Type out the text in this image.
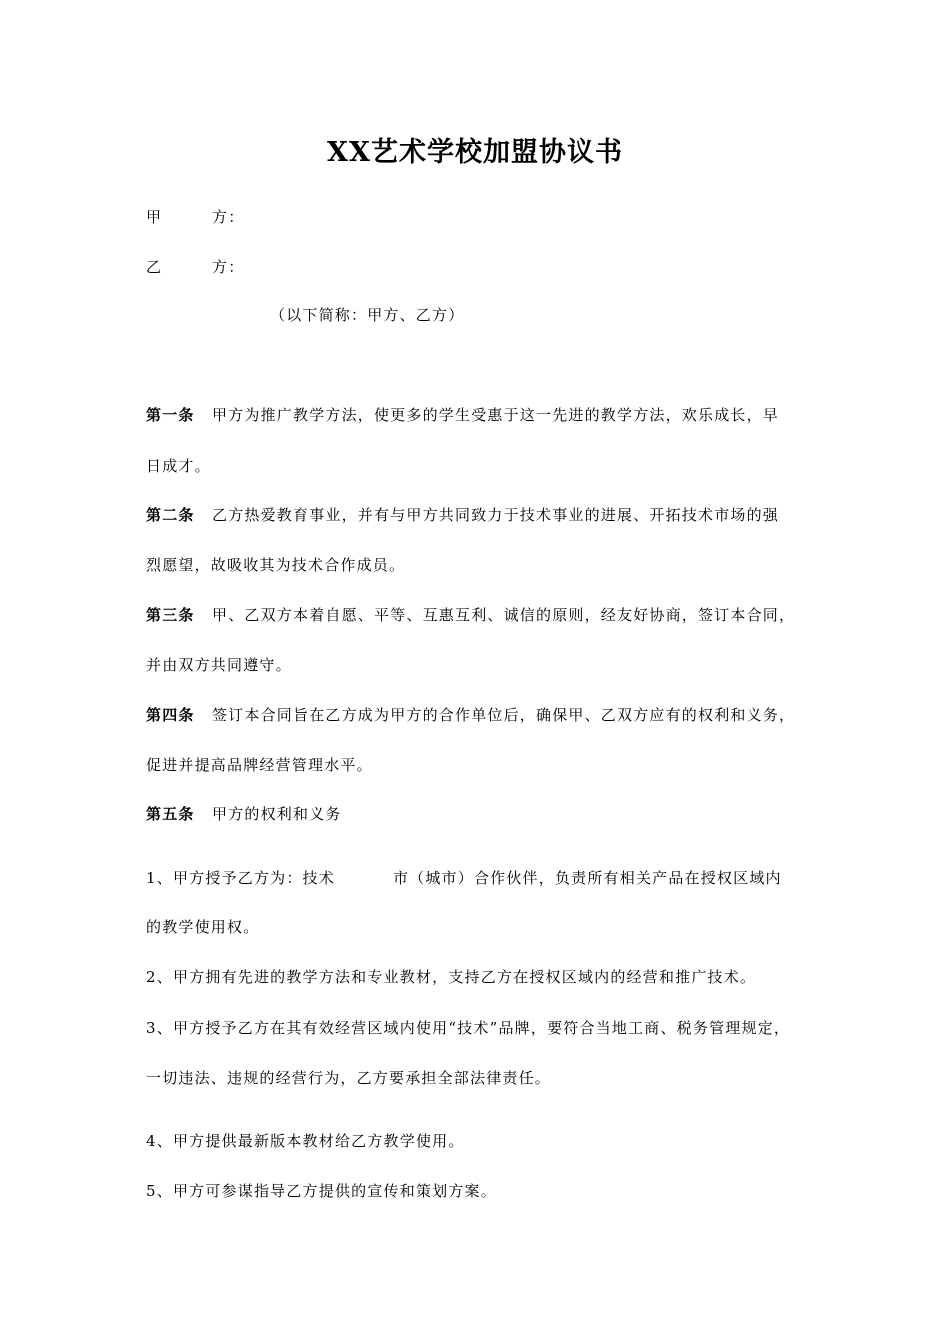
XX艺术学校加盟协议书
甲	方：
乙	方：
（以下简称：甲方、乙方）
第一条 甲方为推广教学方法，使更多的学生受惠于这一先进的教学方法，欢乐成长，早
日成才。
第二条 乙方热爱教育事业，并有与甲方共同致力于技术事业的进展、开拓技术市场的强
烈愿望，故吸收其为技术合作成员。
第三条 甲、乙双方本着自愿、平等、互惠互利、诚信的原则，经友好协商，签订本合同，
并由双方共同遵守。
第四条 签订本合同旨在乙方成为甲方的合作单位后，确保甲、乙双方应有的权利和义务，
促进并提高品牌经营管理水平。
第五条 甲方的权利和义务
1、甲方授予乙方为：技术	市（城市）合作伙伴，负责所有相关产品在授权区域内
的教学使用权。
2、甲方拥有先进的教学方法和专业教材，支持乙方在授权区域内的经营和推广技术。
3、甲方授予乙方在其有效经营区域内使用“技术”品牌，要符合当地工商、税务管理规定，
一切违法、违规的经营行为，乙方要承担全部法律责任。
4、甲方提供最新版本教材给乙方教学使用。
5、甲方可参谋指导乙方提供的宣传和策划方案。
